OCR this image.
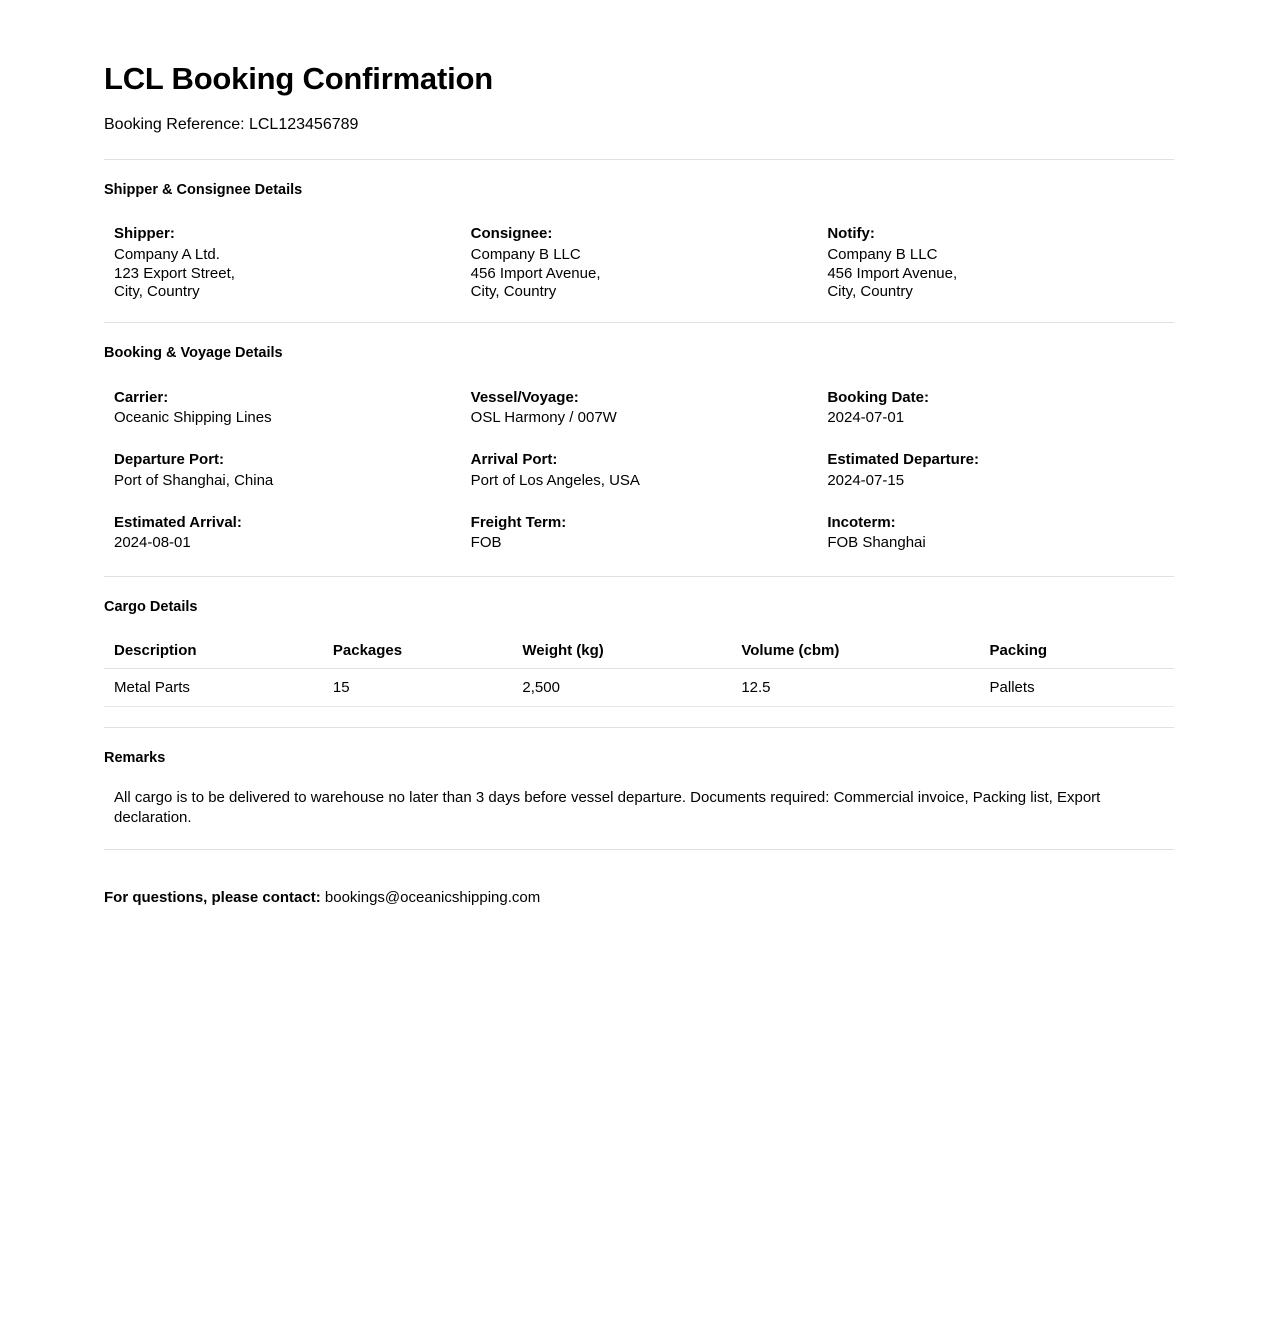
LCL Booking Confirmation

Booking Reference: LCL123456789

Shipper & Consignee Details
Shipper:
Company A Ltd.
123 Export Street,
City, Country
Consignee:
Company B LLC
456 Import Avenue,
City, Country
Notify:
Company B LLC
456 Import Avenue,
City, Country
Booking & Voyage Details
Carrier:
Oceanic Shipping Lines
Vessel/Voyage:
OSL Harmony / 007W
Booking Date:
2024-07-01
Departure Port:
Port of Shanghai, China
Arrival Port:
Port of Los Angeles, USA
Estimated Departure:
2024-07-15
Estimated Arrival:
2024-08-01
Freight Term:
FOB
Incoterm:
FOB Shanghai
Cargo Details
Description	Packages	Weight (kg)	Volume (cbm)	Packing
Metal Parts	15	2,500	12.5	Pallets
Remarks

All cargo is to be delivered to warehouse no later than 3 days before vessel departure. Documents required: Commercial invoice, Packing list, Export declaration.

For questions, please contact: bookings@oceanicshipping.com
